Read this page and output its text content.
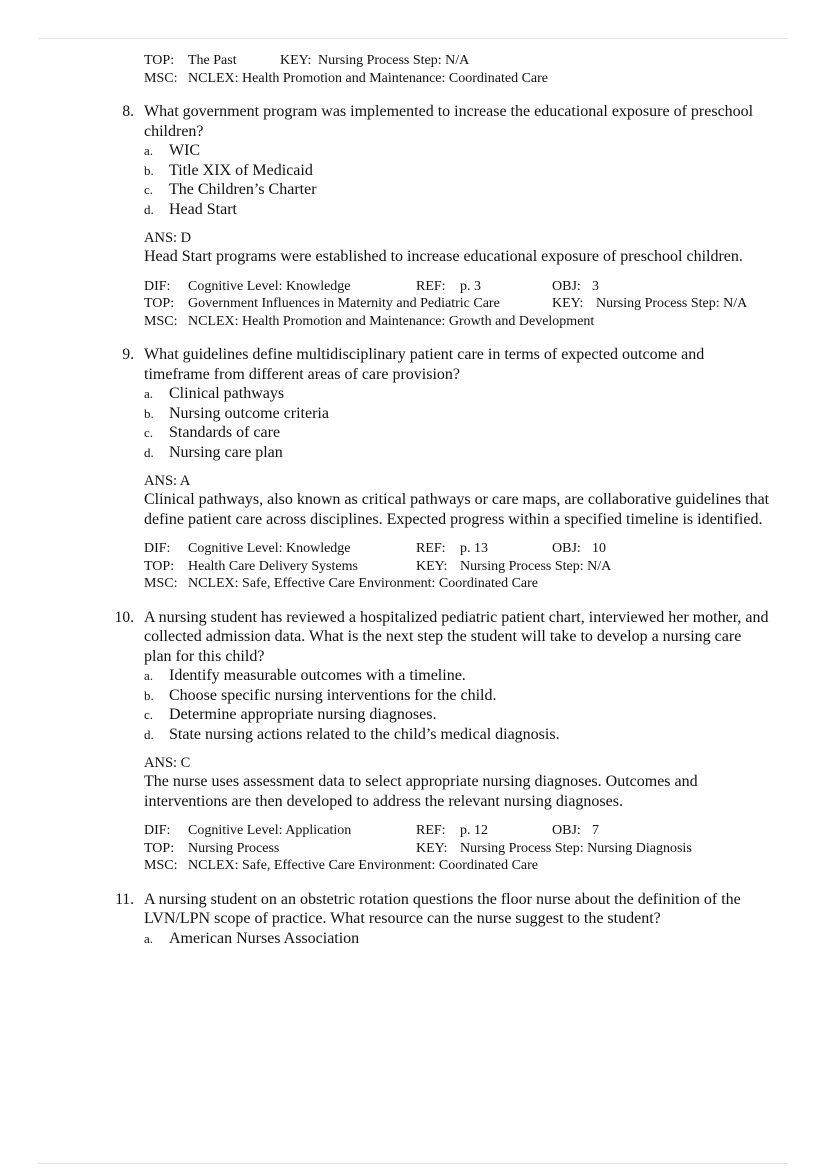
TOP: The Past	KEY: Nursing Process Step: N/A
MSC: NCLEX: Health Promotion and Maintenance: Coordinated Care
8. What government program was implemented to increase the educational exposure of preschool children?
a. WIC
b. Title XIX of Medicaid
c. The Children’s Charter
d. Head Start
ANS: D
Head Start programs were established to increase educational exposure of preschool children.
DIF:	Cognitive Level: Knowledge	REF:	p. 3	OBJ: 3
TOP: Government Influences in Maternity and Pediatric Care	KEY: Nursing Process Step: N/A
MSC: NCLEX: Health Promotion and Maintenance: Growth and Development
9. What guidelines define multidisciplinary patient care in terms of expected outcome and timeframe from different areas of care provision?
a. Clinical pathways
b. Nursing outcome criteria
c. Standards of care
d. Nursing care plan
ANS: A
Clinical pathways, also known as critical pathways or care maps, are collaborative guidelines that define patient care across disciplines. Expected progress within a specified timeline is identified.
DIF:	Cognitive Level: Knowledge	REF:	p. 13	OBJ: 10
TOP: Health Care Delivery Systems	KEY: Nursing Process Step: N/A
MSC: NCLEX: Safe, Effective Care Environment: Coordinated Care
10. A nursing student has reviewed a hospitalized pediatric patient chart, interviewed her mother, and collected admission data. What is the next step the student will take to develop a nursing care plan for this child?
a. Identify measurable outcomes with a timeline.
b. Choose specific nursing interventions for the child.
c. Determine appropriate nursing diagnoses.
d. State nursing actions related to the child’s medical diagnosis.
ANS: C
The nurse uses assessment data to select appropriate nursing diagnoses. Outcomes and interventions are then developed to address the relevant nursing diagnoses.
DIF:	Cognitive Level: Application	REF:	p. 12	OBJ: 7
TOP: Nursing Process	KEY: Nursing Process Step: Nursing Diagnosis
MSC: NCLEX: Safe, Effective Care Environment: Coordinated Care
11. A nursing student on an obstetric rotation questions the floor nurse about the definition of the LVN/LPN scope of practice. What resource can the nurse suggest to the student?
a. American Nurses Association
